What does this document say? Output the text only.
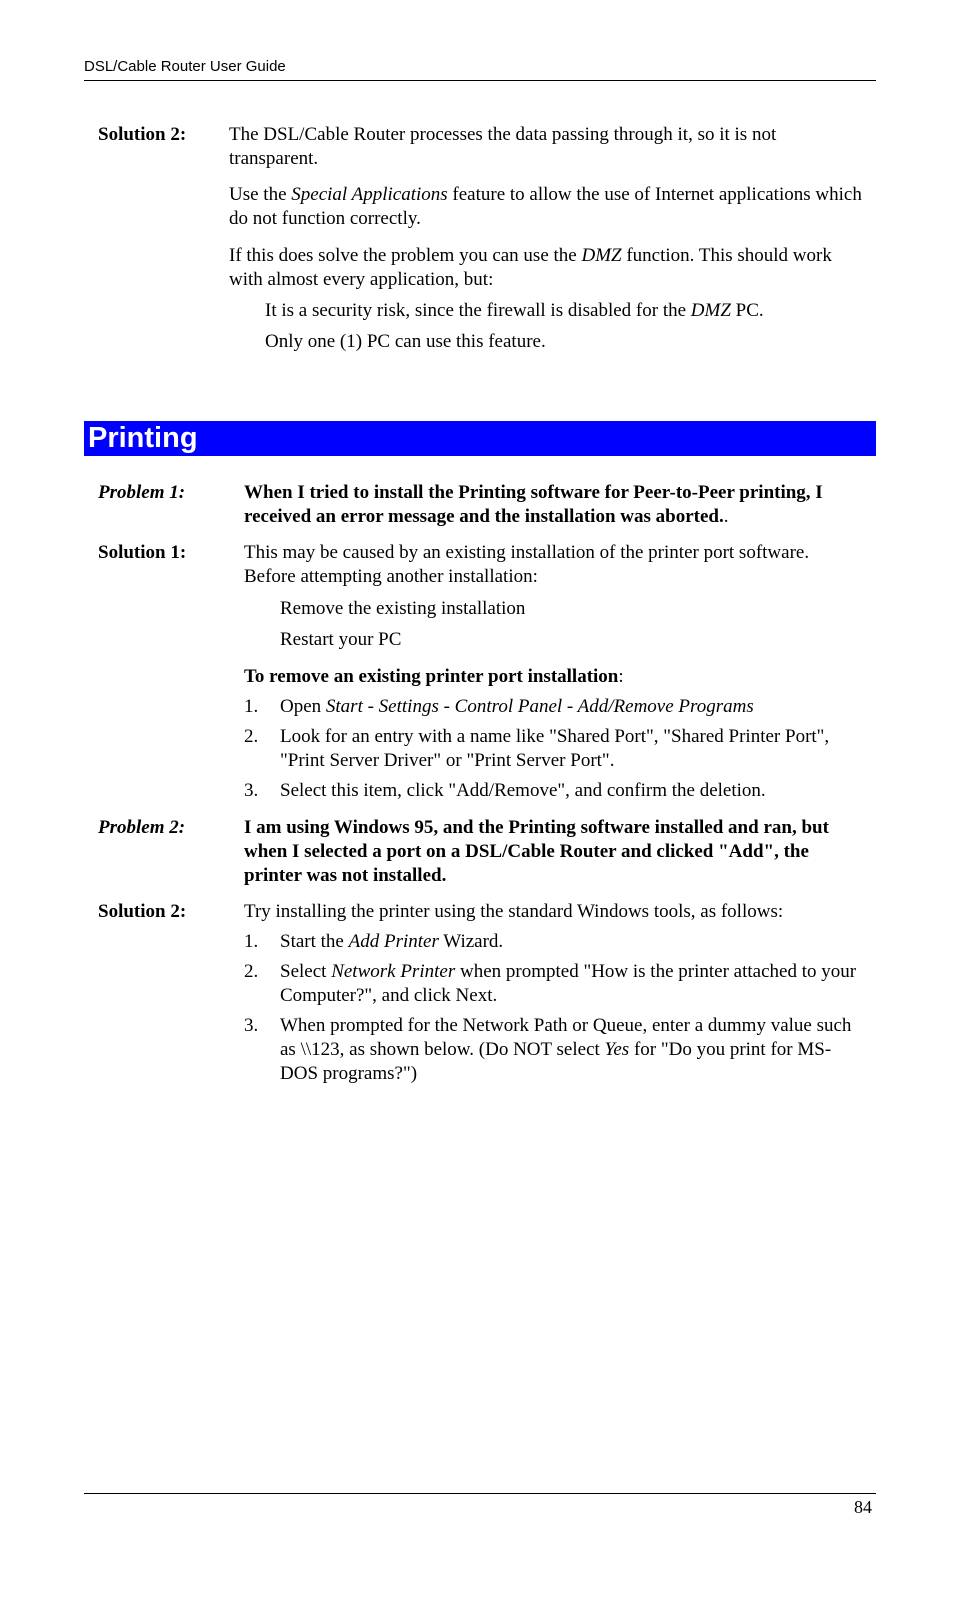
DSL/Cable Router User Guide
Solution 2: The DSL/Cable Router processes the data passing through it, so it is not transparent.
Use the Special Applications feature to allow the use of Internet applications which do not function correctly.
If this does solve the problem you can use the DMZ function. This should work with almost every application, but:
It is a security risk, since the firewall is disabled for the DMZ PC.
Only one (1) PC can use this feature.
Printing
Problem 1:	When I tried to install the Printing software for Peer-to-Peer printing, I received an error message and the installation was aborted..
Solution 1:	This may be caused by an existing installation of the printer port software. Before attempting another installation:
Remove the existing installation
Restart your PC
To remove an existing printer port installation:
1. Open Start - Settings - Control Panel - Add/Remove Programs
2. Look for an entry with a name like "Shared Port", "Shared Printer Port", "Print Server Driver" or "Print Server Port".
3. Select this item, click "Add/Remove", and confirm the deletion.
Problem 2:	I am using Windows 95, and the Printing software installed and ran, but when I selected a port on a DSL/Cable Router and clicked "Add", the printer was not installed.
Solution 2:	Try installing the printer using the standard Windows tools, as follows:
1. Start the Add Printer Wizard.
2. Select Network Printer when prompted "How is the printer attached to your Computer?", and click Next.
3. When prompted for the Network Path or Queue, enter a dummy value such as \\123, as shown below. (Do NOT select Yes for "Do you print for MS-DOS programs?")
84
